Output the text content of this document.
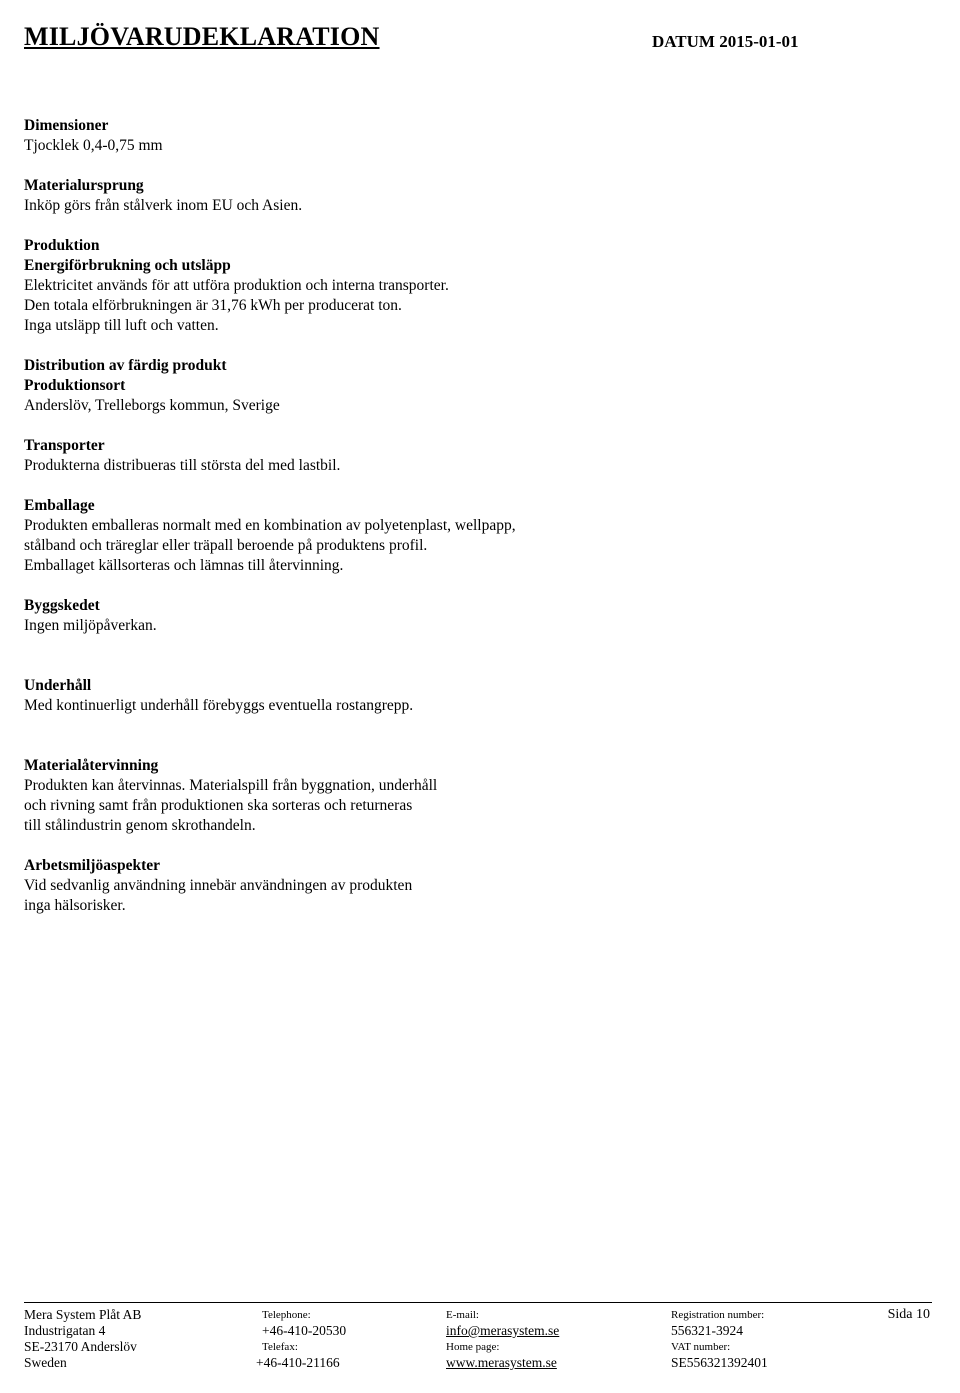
MILJÖVARUDEKLARATION	DATUM 2015-01-01
Dimensioner
Tjocklek 0,4-0,75 mm
Materialursprung
Inköp görs från stålverk inom EU och Asien.
Produktion
Energiförbrukning och utsläpp
Elektricitet används för att utföra produktion och interna transporter.
Den totala elförbrukningen är 31,76 kWh per producerat ton.
Inga utsläpp till luft och vatten.
Distribution av färdig produkt
Produktionsort
Anderslöv, Trelleborgs kommun, Sverige
Transporter
Produkterna distribueras till största del med lastbil.
Emballage
Produkten emballeras normalt med en kombination av polyetenplast, wellpapp,
stålband och träreglar eller träpall beroende på produktens profil.
Emballaget källsorteras och lämnas till återvinning.
Byggskedet
Ingen miljöpåverkan.
Underhåll
Med kontinuerligt underhåll förebyggs eventuella rostangrepp.
Materialåtervinning
Produkten kan återvinnas. Materialspill från byggnation, underhåll
och rivning samt från produktionen ska sorteras och returneras
till stålindustrin genom skrothandeln.
Arbetsmiljöaspekter
Vid sedvanlig användning innebär användningen av produkten
inga hälsorisker.
Mera System Plåt AB
Industrigatan 4
SE-23170 Anderslöv
Sweden
Telephone:
+46-410-20530
Telefax:
+46-410-21166
E-mail:
info@merasystem.se
Home page:
www.merasystem.se
Registration number:
556321-3924
VAT number:
SE556321392401
Sida 10
